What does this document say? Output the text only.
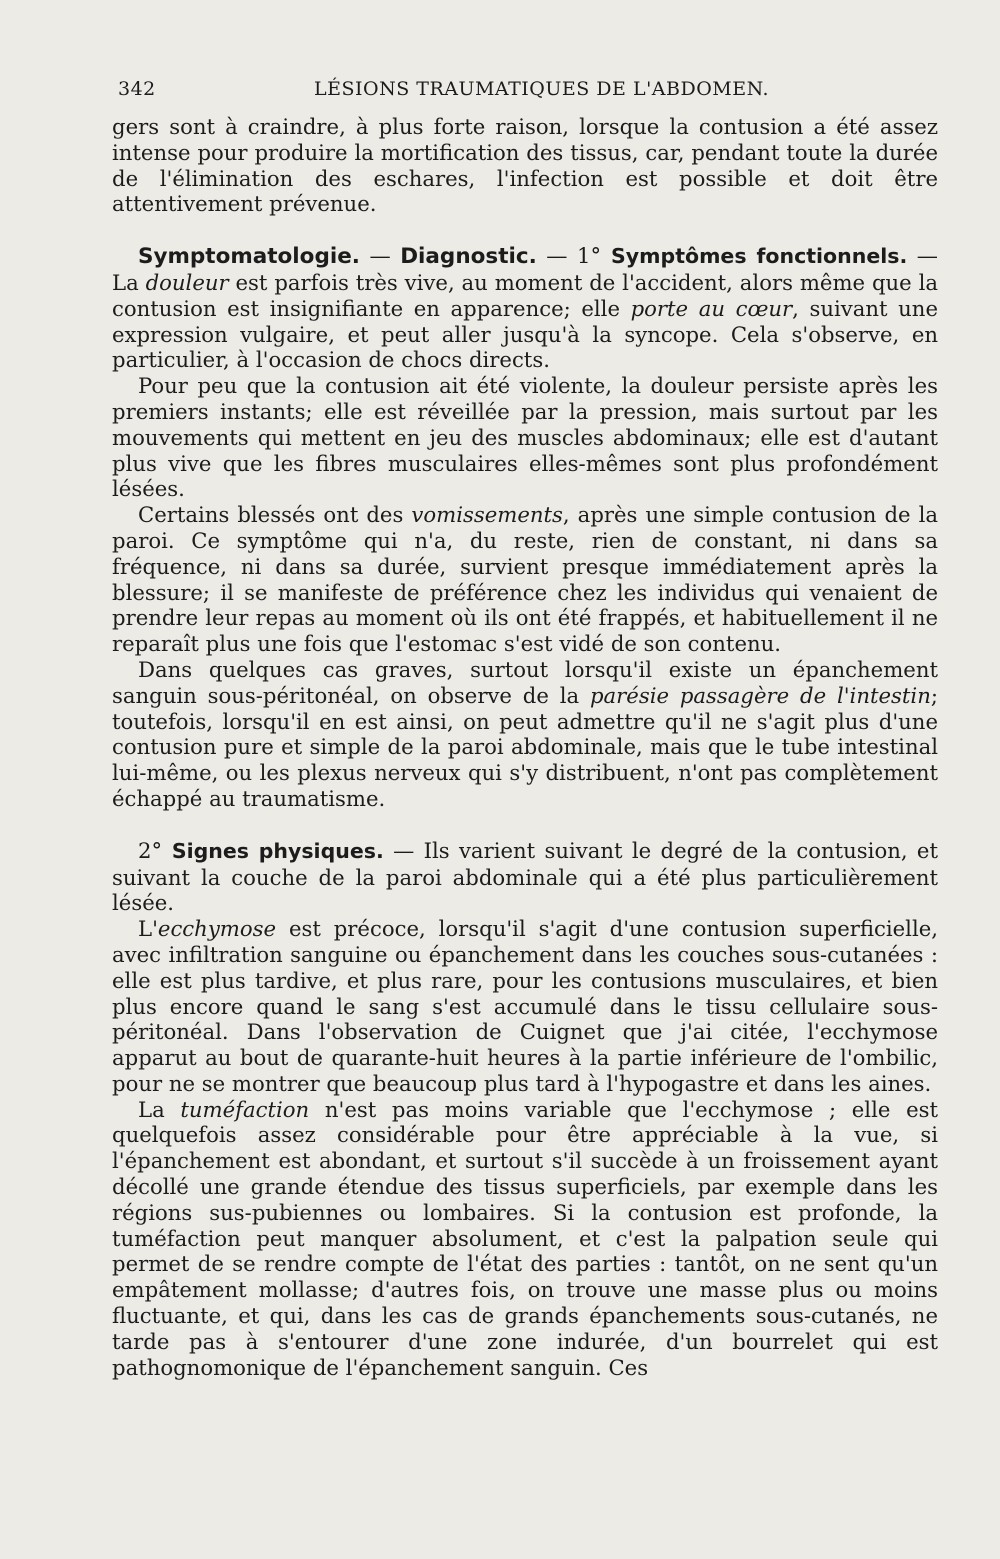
342	LÉSIONS TRAUMATIQUES DE L'ABDOMEN.

gers sont à craindre, à plus forte raison, lorsque la contusion a été assez intense pour produire la mortification des tissus, car, pendant toute la durée de l'élimination des eschares, l'infection est possible et doit être attentivement prévenue.

Symptomatologie. — Diagnostic. — 1° Symptômes fonctionnels. — La douleur est parfois très vive, au moment de l'accident, alors même que la contusion est insignifiante en apparence; elle porte au cœur, suivant une expression vulgaire, et peut aller jusqu'à la syncope. Cela s'observe, en particulier, à l'occasion de chocs directs.

Pour peu que la contusion ait été violente, la douleur persiste après les premiers instants; elle est réveillée par la pression, mais surtout par les mouvements qui mettent en jeu des muscles abdominaux; elle est d'autant plus vive que les fibres musculaires elles-mêmes sont plus profondément lésées.

Certains blessés ont des vomissements, après une simple contusion de la paroi. Ce symptôme qui n'a, du reste, rien de constant, ni dans sa fréquence, ni dans sa durée, survient presque immédiatement après la blessure; il se manifeste de préférence chez les individus qui venaient de prendre leur repas au moment où ils ont été frappés, et habituellement il ne reparaît plus une fois que l'estomac s'est vidé de son contenu.

Dans quelques cas graves, surtout lorsqu'il existe un épanchement sanguin sous-péritonéal, on observe de la parésie passagère de l'intestin; toutefois, lorsqu'il en est ainsi, on peut admettre qu'il ne s'agit plus d'une contusion pure et simple de la paroi abdominale, mais que le tube intestinal lui-même, ou les plexus nerveux qui s'y distribuent, n'ont pas complètement échappé au traumatisme.

2° Signes physiques. — Ils varient suivant le degré de la contusion, et suivant la couche de la paroi abdominale qui a été plus particulièrement lésée.

L'ecchymose est précoce, lorsqu'il s'agit d'une contusion superficielle, avec infiltration sanguine ou épanchement dans les couches sous-cutanées : elle est plus tardive, et plus rare, pour les contusions musculaires, et bien plus encore quand le sang s'est accumulé dans le tissu cellulaire sous-péritonéal. Dans l'observation de Cuignet que j'ai citée, l'ecchymose apparut au bout de quarante-huit heures à la partie inférieure de l'ombilic, pour ne se montrer que beaucoup plus tard à l'hypogastre et dans les aines.

La tuméfaction n'est pas moins variable que l'ecchymose ; elle est quelquefois assez considérable pour être appréciable à la vue, si l'épanchement est abondant, et surtout s'il succède à un froissement ayant décollé une grande étendue des tissus superficiels, par exemple dans les régions sus-pubiennes ou lombaires. Si la contusion est profonde, la tuméfaction peut manquer absolument, et c'est la palpation seule qui permet de se rendre compte de l'état des parties : tantôt, on ne sent qu'un empâtement mollasse; d'autres fois, on trouve une masse plus ou moins fluctuante, et qui, dans les cas de grands épanchements sous-cutanés, ne tarde pas à s'entourer d'une zone indurée, d'un bourrelet qui est pathognomonique de l'épanchement sanguin. Ces
